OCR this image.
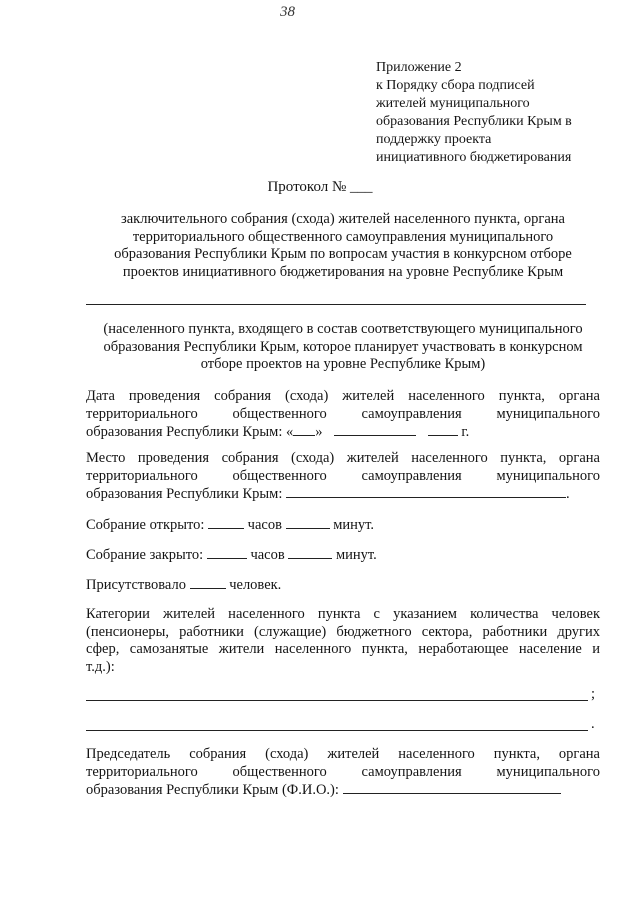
38
Приложение 2
к Порядку сбора подписей
жителей муниципального
образования Республики Крым в
поддержку проекта
инициативного бюджетирования
Протокол № ___
заключительного собрания (схода) жителей населенного пункта, органа
территориального общественного самоуправления муниципального
образования Республики Крым по вопросам участия в конкурсном отборе
проектов инициативного бюджетирования на уровне Республике Крым
(населенного пункта, входящего в состав соответствующего муниципального
образования Республики Крым, которое планирует участвовать в конкурсном
отборе проектов на уровне Республике Крым)
Дата проведения собрания (схода) жителей населенного пункта, органа
территориального общественного самоуправления муниципального
образования Республики Крым: « »	г.
Место проведения собрания (схода) жителей населенного пункта, органа
территориального общественного самоуправления муниципального
образования Республики Крым:	.
Собрание открыто:	часов	минут.
Собрание закрыто:	часов	минут.
Присутствовало	человек.
Категории жителей населенного пункта с указанием количества человек
(пенсионеры, работники (служащие) бюджетного сектора, работники других
сфер, самозанятые жители населенного пункта, неработающее население и
т.д.):
;
.
Председатель собрания (схода) жителей населенного пункта, органа
территориального общественного самоуправления муниципального
образования Республики Крым (Ф.И.О.):
